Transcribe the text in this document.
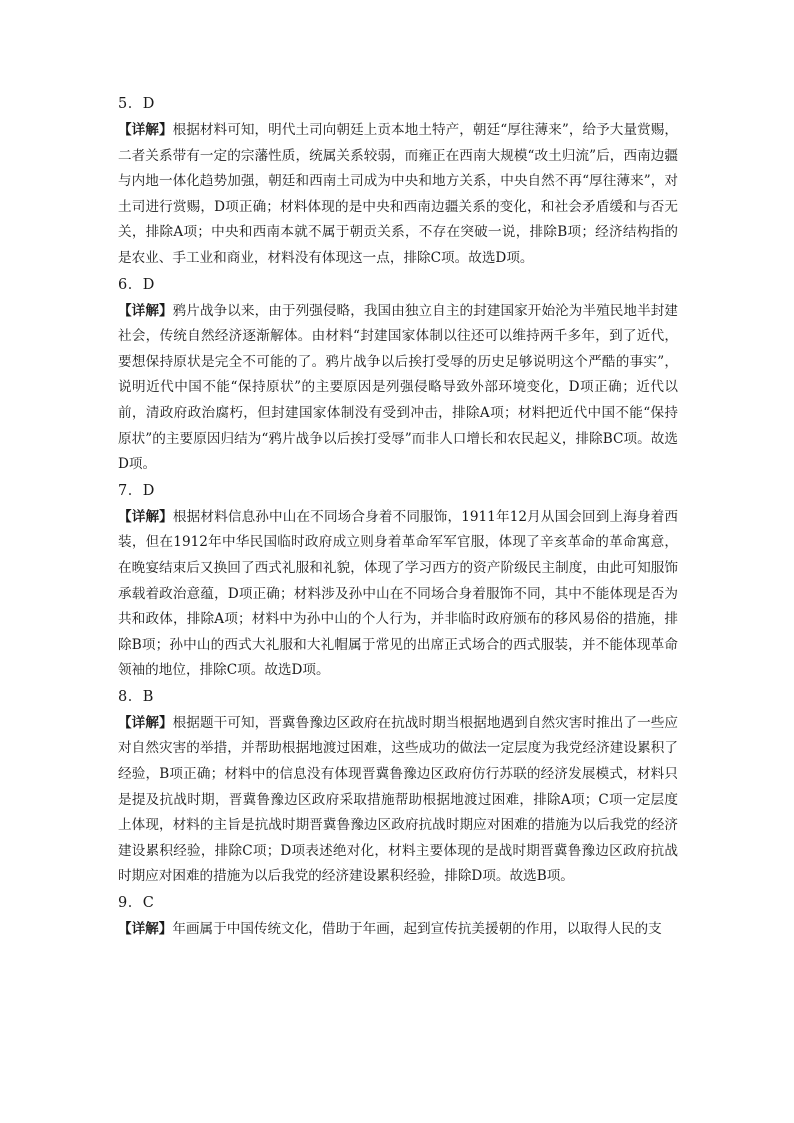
5．D

【详解】根据材料可知，明代土司向朝廷上贡本地土特产，朝廷“厚往薄来”，给予大量赏赐，二者关系带有一定的宗藩性质，统属关系较弱，而雍正在西南大规模“改土归流”后，西南边疆与内地一体化趋势加强，朝廷和西南土司成为中央和地方关系，中央自然不再“厚往薄来”，对土司进行赏赐，D项正确；材料体现的是中央和西南边疆关系的变化，和社会矛盾缓和与否无关，排除A项；中央和西南本就不属于朝贡关系，不存在突破一说，排除B项；经济结构指的是农业、手工业和商业，材料没有体现这一点，排除C项。故选D项。

6．D

【详解】鸦片战争以来，由于列强侵略，我国由独立自主的封建国家开始沦为半殖民地半封建社会，传统自然经济逐渐解体。由材料“封建国家体制以往还可以维持两千多年，到了近代，要想保持原状是完全不可能的了。鸦片战争以后挨打受辱的历史足够说明这个严酷的事实”，说明近代中国不能“保持原状”的主要原因是列强侵略导致外部环境变化，D项正确；近代以前，清政府政治腐朽，但封建国家体制没有受到冲击，排除A项；材料把近代中国不能“保持原状”的主要原因归结为“鸦片战争以后挨打受辱”而非人口增长和农民起义，排除BC项。故选D项。

7．D

【详解】根据材料信息孙中山在不同场合身着不同服饰，1911年12月从国会回到上海身着西装，但在1912年中华民国临时政府成立则身着革命军军官服，体现了辛亥革命的革命寓意，在晚宴结束后又换回了西式礼服和礼貌，体现了学习西方的资产阶级民主制度，由此可知服饰承载着政治意蕴，D项正确；材料涉及孙中山在不同场合身着服饰不同，其中不能体现是否为共和政体，排除A项；材料中为孙中山的个人行为，并非临时政府颁布的移风易俗的措施，排除B项；孙中山的西式大礼服和大礼帽属于常见的出席正式场合的西式服装，并不能体现革命领袖的地位，排除C项。故选D项。

8．B

【详解】根据题干可知，晋冀鲁豫边区政府在抗战时期当根据地遇到自然灾害时推出了一些应对自然灾害的举措，并帮助根据地渡过困难，这些成功的做法一定层度为我党经济建设累积了经验，B项正确；材料中的信息没有体现晋冀鲁豫边区政府仿行苏联的经济发展模式，材料只是提及抗战时期，晋冀鲁豫边区政府采取措施帮助根据地渡过困难，排除A项；C项一定层度上体现，材料的主旨是抗战时期晋冀鲁豫边区政府抗战时期应对困难的措施为以后我党的经济建设累积经验，排除C项；D项表述绝对化，材料主要体现的是战时期晋冀鲁豫边区政府抗战时期应对困难的措施为以后我党的经济建设累积经验，排除D项。故选B项。

9．C

【详解】年画属于中国传统文化，借助于年画，起到宣传抗美援朝的作用，以取得人民的支
